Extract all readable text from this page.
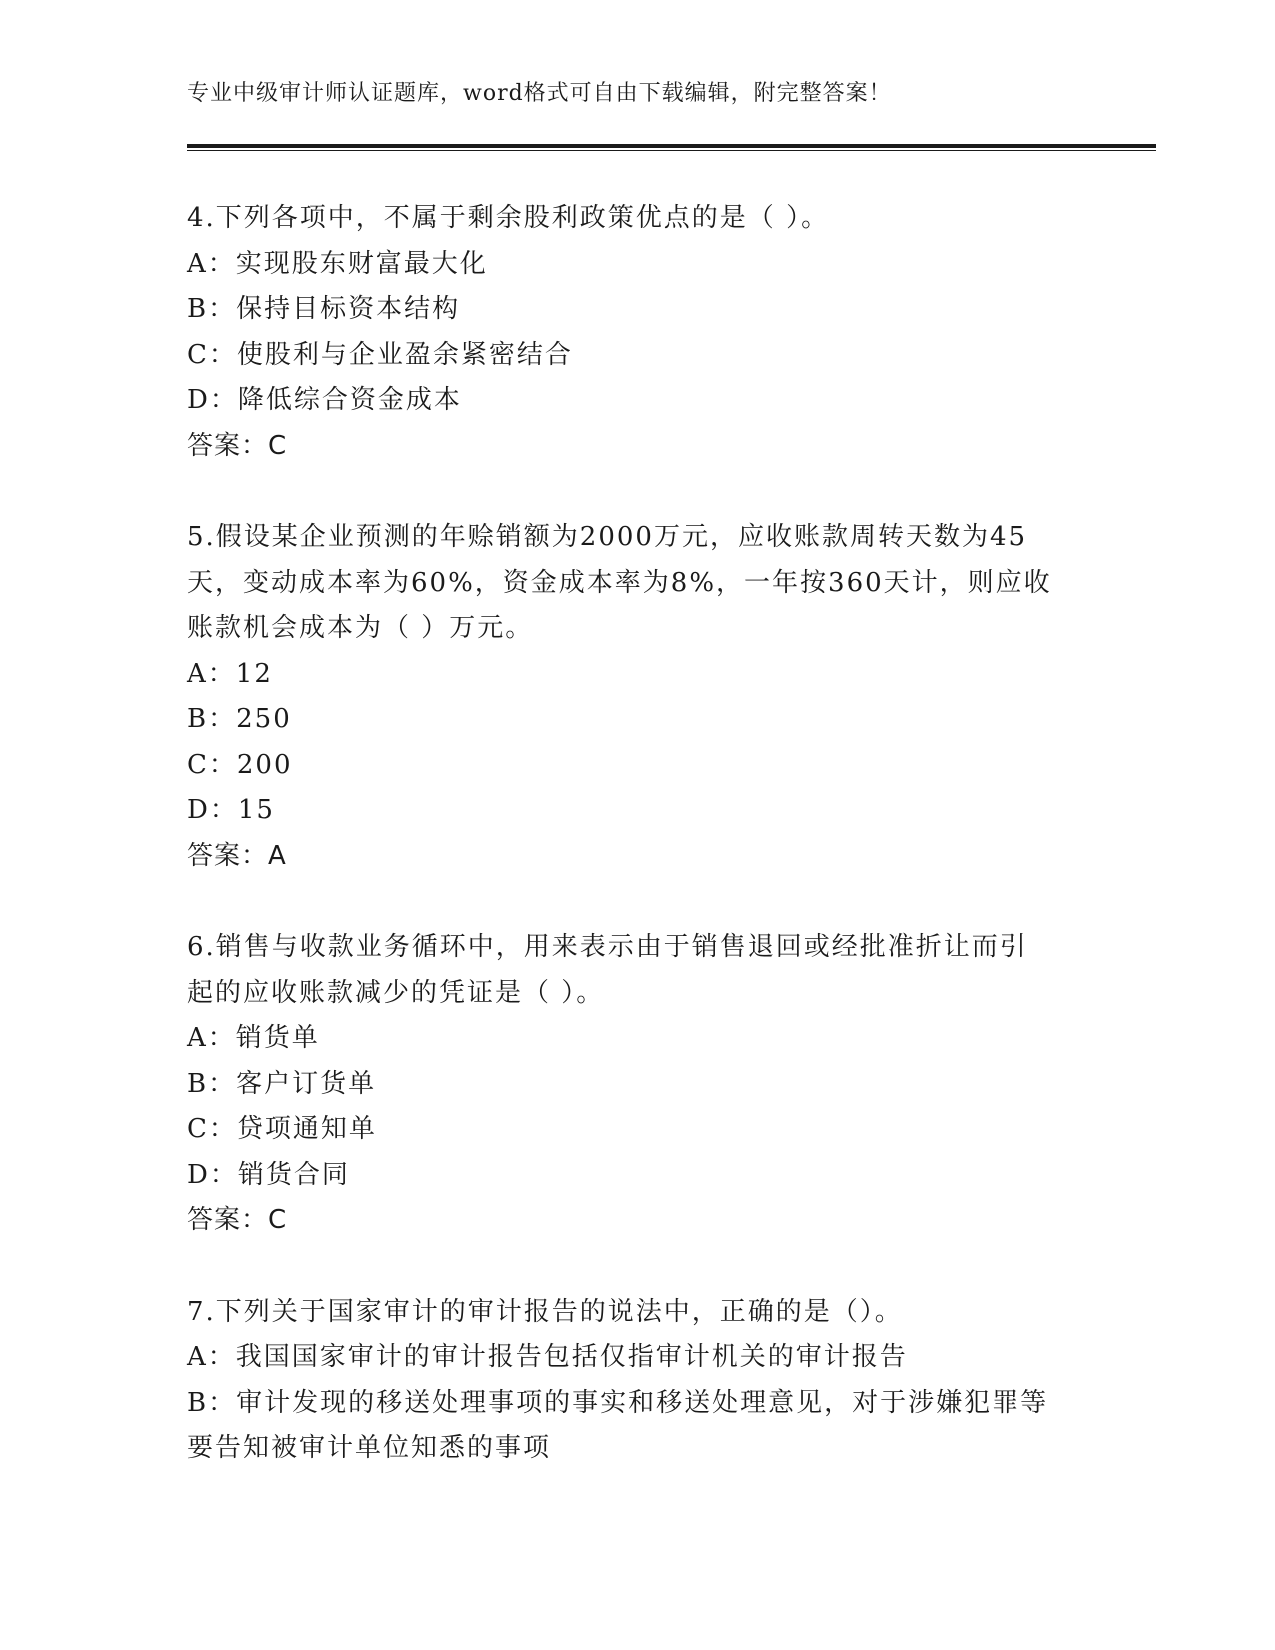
专业中级审计师认证题库，word格式可自由下载编辑，附完整答案！
4.下列各项中，不属于剩余股利政策优点的是（ ）。
A：实现股东财富最大化
B：保持目标资本结构
C：使股利与企业盈余紧密结合
D：降低综合资金成本
答案：C
5.假设某企业预测的年赊销额为2000万元，应收账款周转天数为45
天，变动成本率为60%，资金成本率为8%，一年按360天计，则应收
账款机会成本为（ ）万元。
A：12
B：250
C：200
D：15
答案：A
6.销售与收款业务循环中，用来表示由于销售退回或经批准折让而引
起的应收账款减少的凭证是（ ）。
A：销货单
B：客户订货单
C：贷项通知单
D：销货合同
答案：C
7.下列关于国家审计的审计报告的说法中，正确的是（）。
A：我国国家审计的审计报告包括仅指审计机关的审计报告
B：审计发现的移送处理事项的事实和移送处理意见，对于涉嫌犯罪等
要告知被审计单位知悉的事项
